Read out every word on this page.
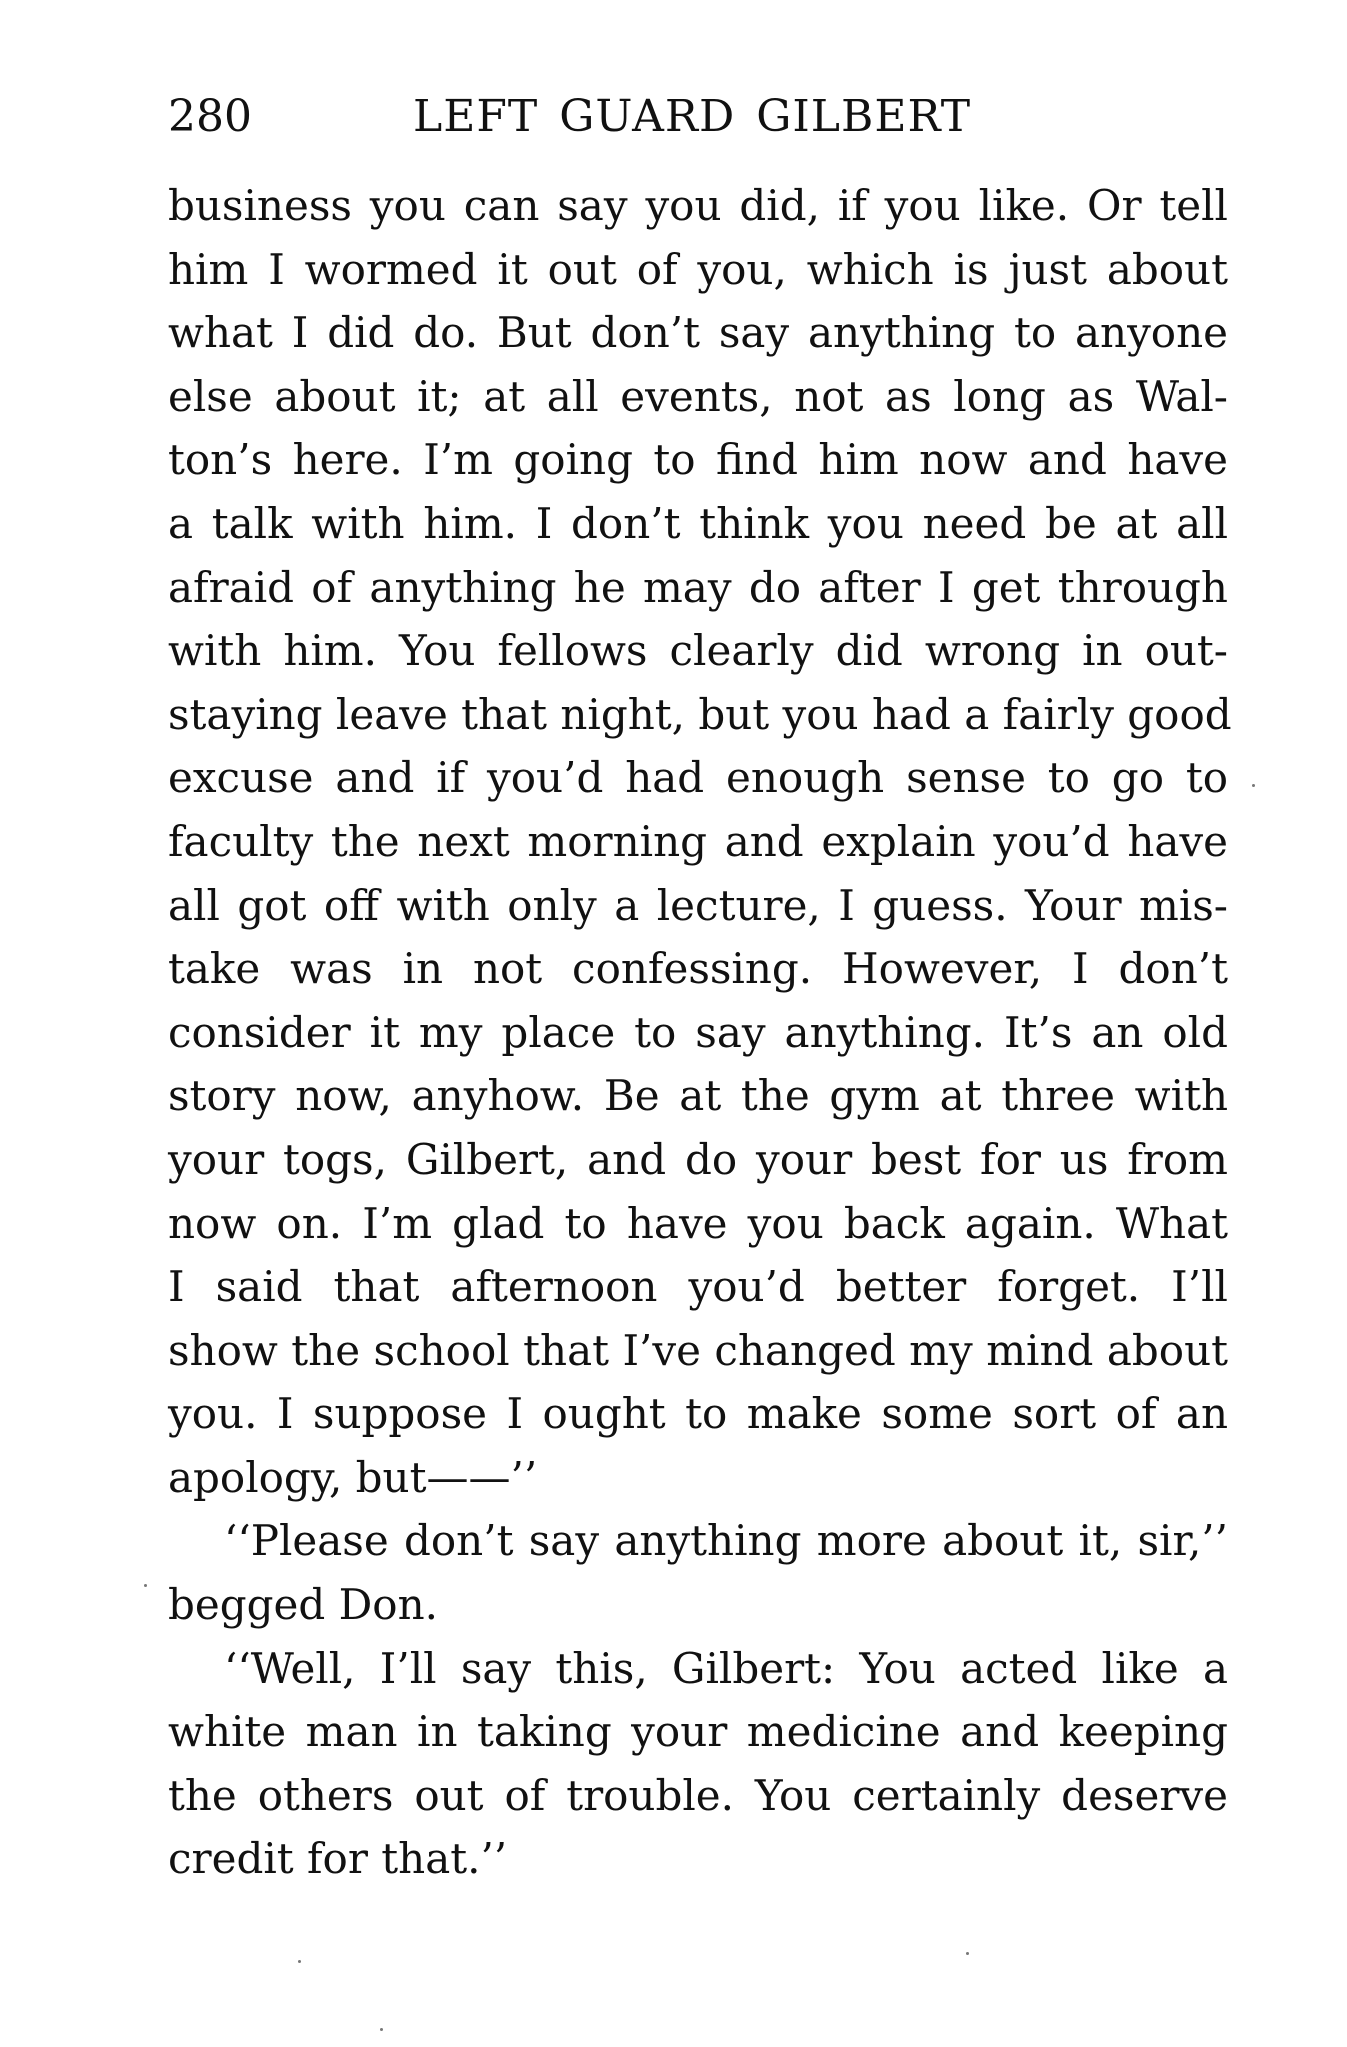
280	LEFT GUARD GILBERT
business you can say you did, if you like. Or tell
him I wormed it out of you, which is just about
what I did do. But don’t say anything to anyone
else about it; at all events, not as long as Wal-
ton’s here. I’m going to find him now and have
a talk with him. I don’t think you need be at all
afraid of anything he may do after I get through
with him. You fellows clearly did wrong in out-
staying leave that night, but you had a fairly good
excuse and if you’d had enough sense to go to
faculty the next morning and explain you’d have
all got off with only a lecture, I guess. Your mis-
take was in not confessing. However, I don’t
consider it my place to say anything. It’s an old
story now, anyhow. Be at the gym at three with
your togs, Gilbert, and do your best for us from
now on. I’m glad to have you back again. What
I said that afternoon you’d better forget. I’ll
show the school that I’ve changed my mind about
you. I suppose I ought to make some sort of an
apology, but——’’
‘‘Please don’t say anything more about it, sir,’’
begged Don.
‘‘Well, I’ll say this, Gilbert: You acted like a
white man in taking your medicine and keeping
the others out of trouble. You certainly deserve
credit for that.’’
